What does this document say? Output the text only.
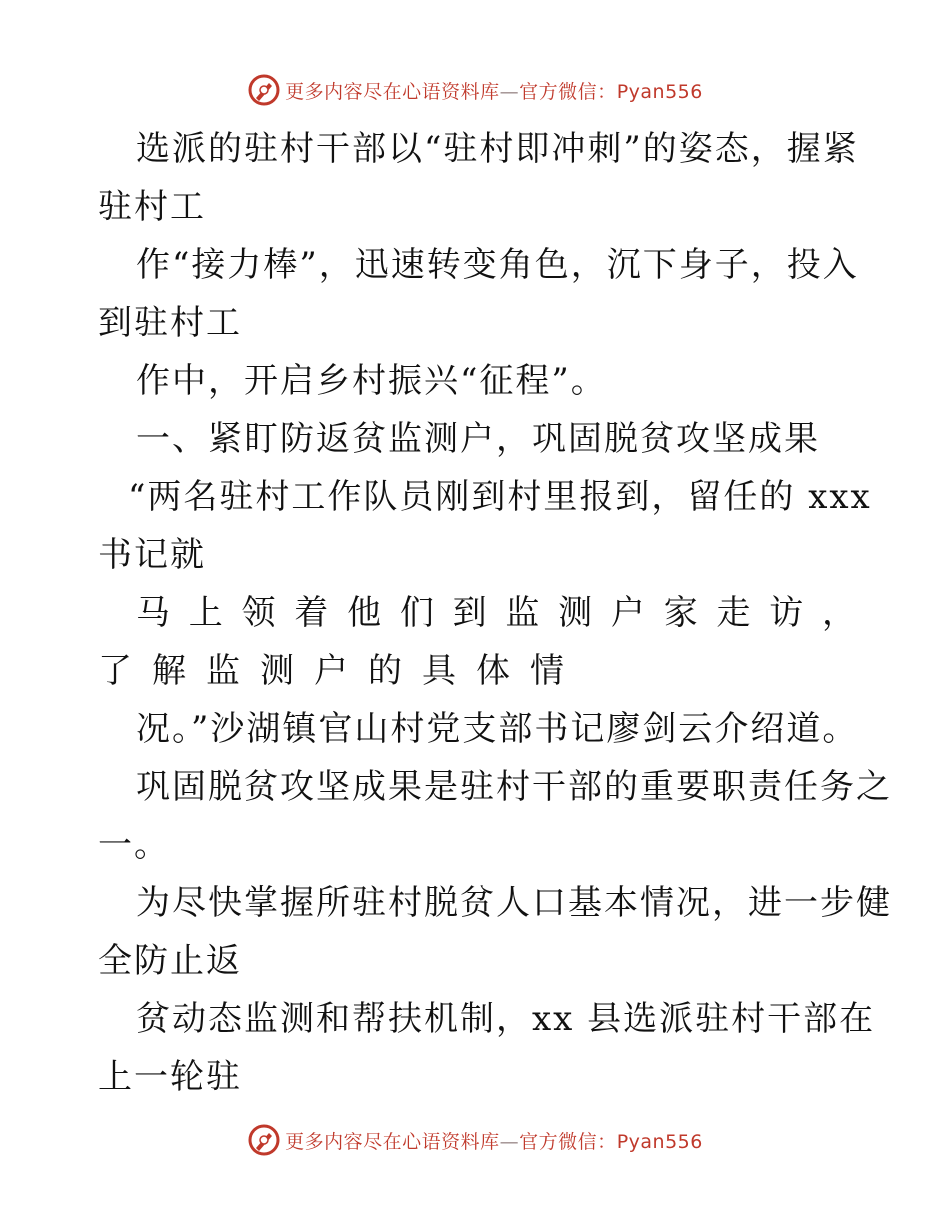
更多内容尽在心语资料库—官方微信：Pyan556

选派的驻村干部以“驻村即冲刺”的姿态，握紧

驻村工

作“接力棒”，迅速转变角色，沉下身子，投入

到驻村工

作中，开启乡村振兴“征程”。

一、紧盯防返贫监测户，巩固脱贫攻坚成果

“两名驻村工作队员刚到村里报到，留任的 xxx

书记就

马上领着他们到监测户家走访，

了解监测户的具体情

况。”沙湖镇官山村党支部书记廖剑云介绍道。

巩固脱贫攻坚成果是驻村干部的重要职责任务之

一。

为尽快掌握所驻村脱贫人口基本情况，进一步健

全防止返

贫动态监测和帮扶机制，xx 县选派驻村干部在

上一轮驻

更多内容尽在心语资料库—官方微信：Pyan556
